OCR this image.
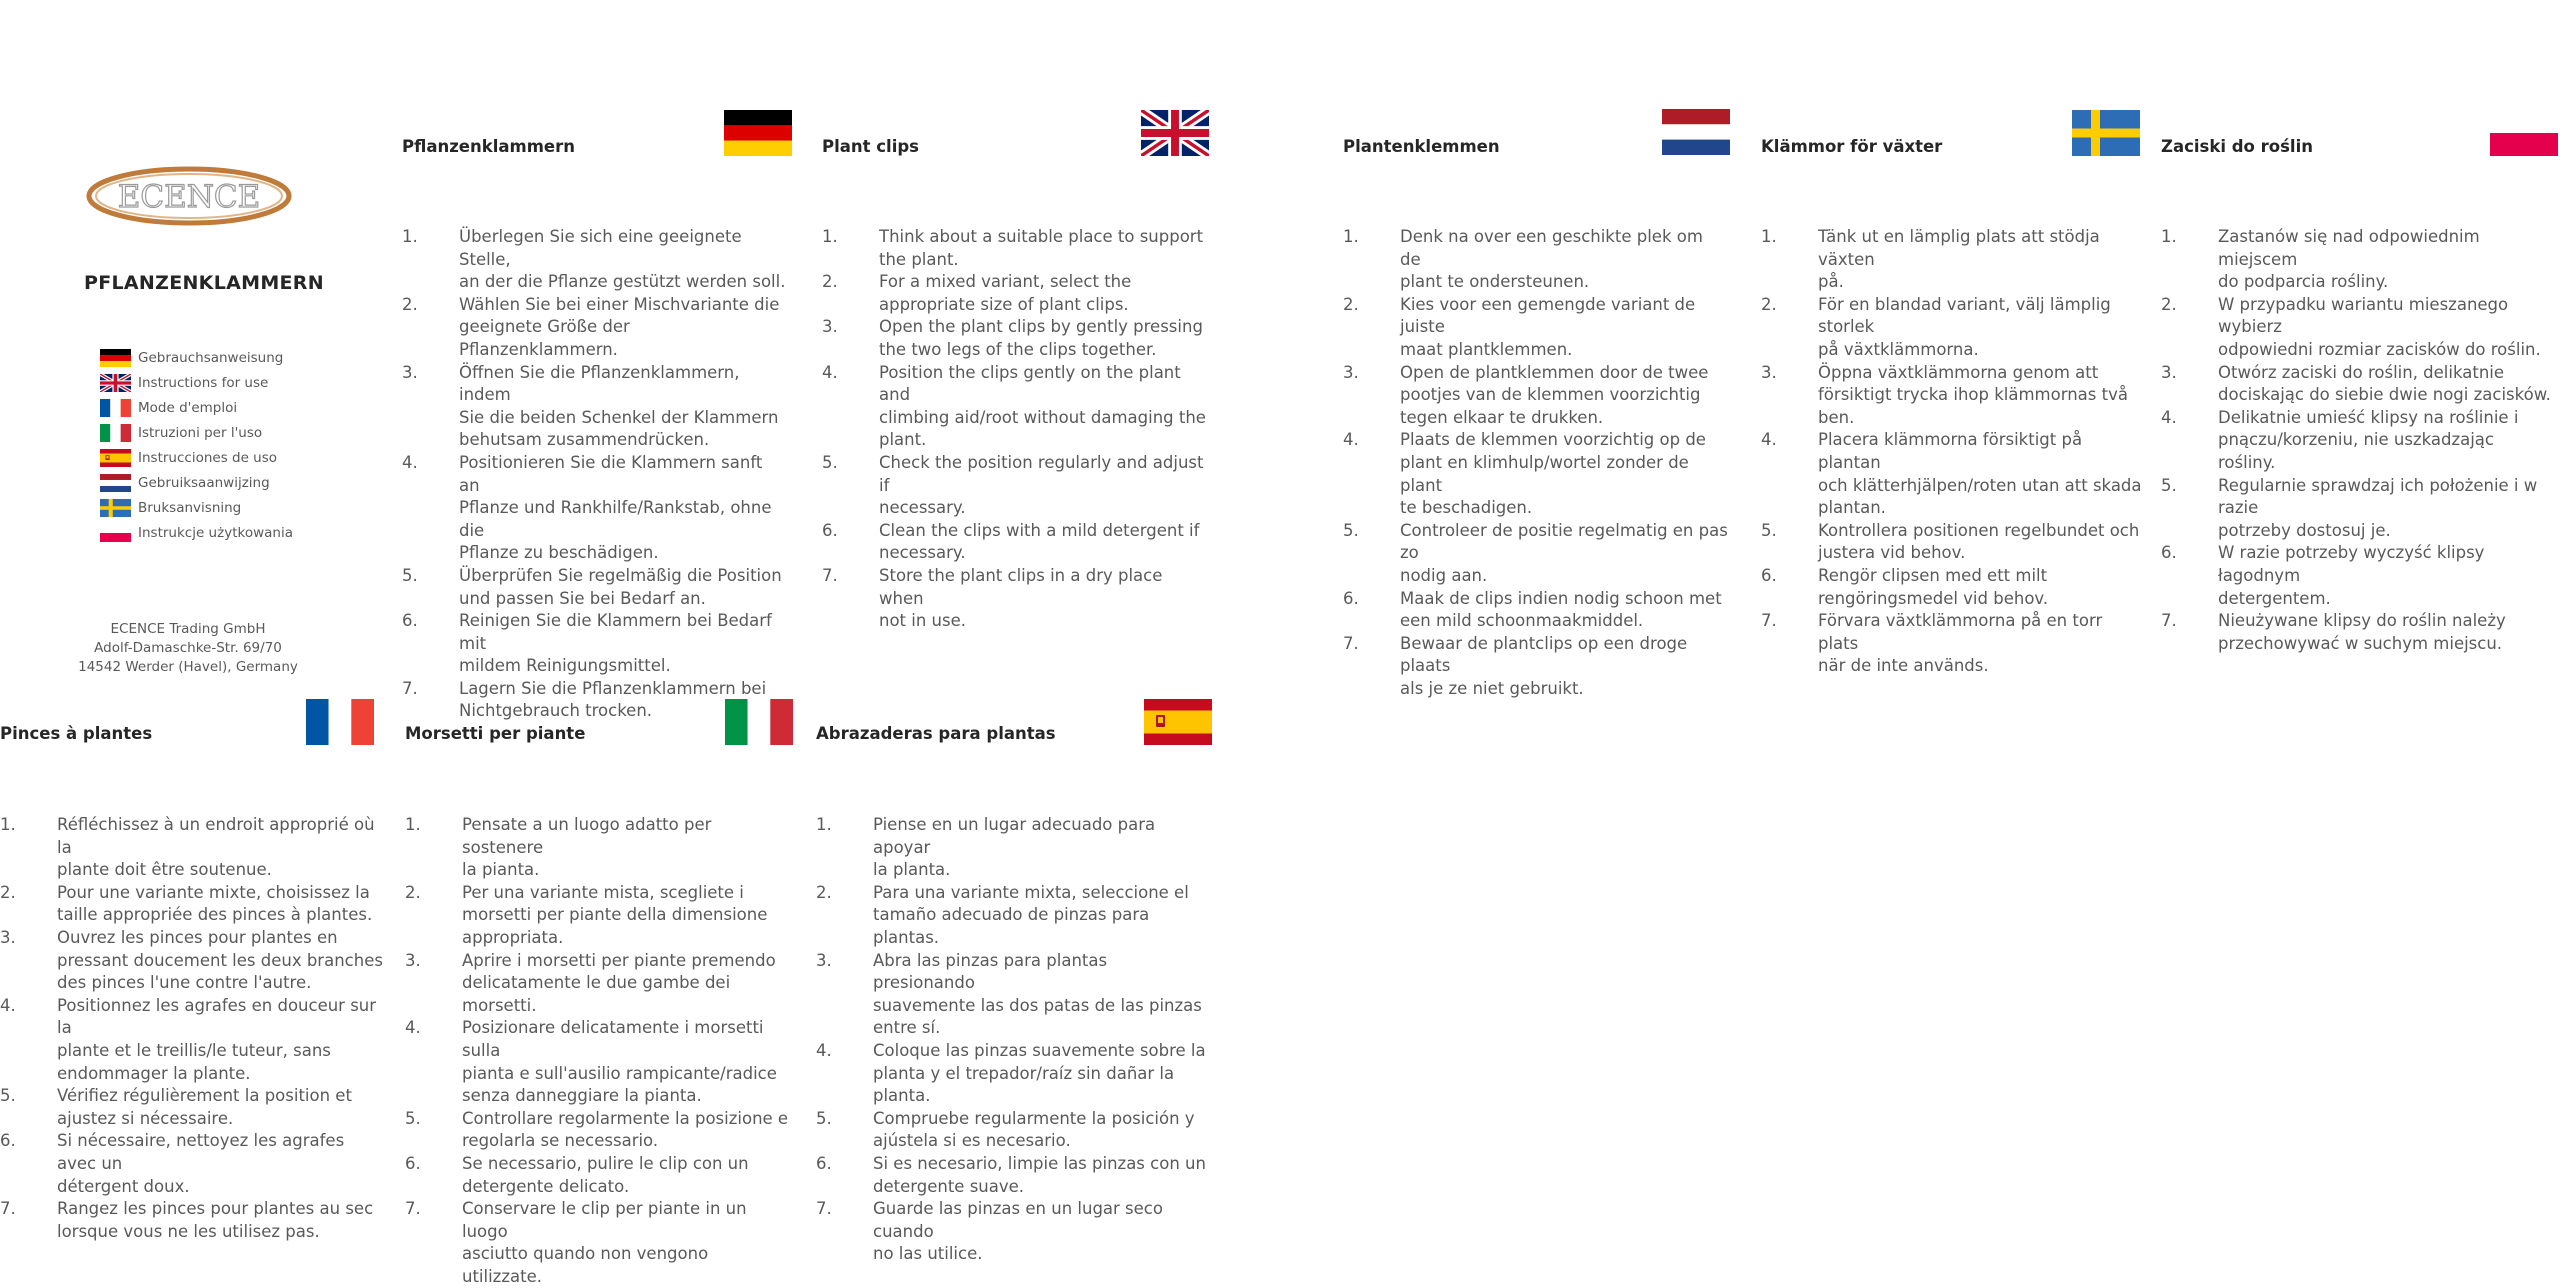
ECENCE
PFLANZENKLAMMERN
Gebrauchsanweisung
Instructions for use
Mode d'emploi
Istruzioni per l'uso
Instrucciones de uso
Gebruiksaanwijzing
Bruksanvisning
Instrukcje użytkowania
ECENCE Trading GmbH
Adolf-Damaschke-Str. 69/70
14542 Werder (Havel), Germany
Pflanzenklammern
1.	Überlegen Sie sich eine geeignete Stelle,
an der die Pflanze gestützt werden soll.
2.	Wählen Sie bei einer Mischvariante die
geeignete Größe der Pflanzenklammern.
3.	Öffnen Sie die Pflanzenklammern, indem
Sie die beiden Schenkel der Klammern
behutsam zusammendrücken.
4.	Positionieren Sie die Klammern sanft an
Pflanze und Rankhilfe/Rankstab, ohne die
Pflanze zu beschädigen.
5.	Überprüfen Sie regelmäßig die Position
und passen Sie bei Bedarf an.
6.	Reinigen Sie die Klammern bei Bedarf mit
mildem Reinigungsmittel.
7.	Lagern Sie die Pflanzenklammern bei
Nichtgebrauch trocken.
Plant clips
1.	Think about a suitable place to support
the plant.
2.	For a mixed variant, select the
appropriate size of plant clips.
3.	Open the plant clips by gently pressing
the two legs of the clips together.
4.	Position the clips gently on the plant and
climbing aid/root without damaging the
plant.
5.	Check the position regularly and adjust if
necessary.
6.	Clean the clips with a mild detergent if
necessary.
7.	Store the plant clips in a dry place when
not in use.
Plantenklemmen
1.	Denk na over een geschikte plek om de
plant te ondersteunen.
2.	Kies voor een gemengde variant de juiste
maat plantklemmen.
3.	Open de plantklemmen door de twee
pootjes van de klemmen voorzichtig
tegen elkaar te drukken.
4.	Plaats de klemmen voorzichtig op de
plant en klimhulp/wortel zonder de plant
te beschadigen.
5.	Controleer de positie regelmatig en pas zo
nodig aan.
6.	Maak de clips indien nodig schoon met
een mild schoonmaakmiddel.
7.	Bewaar de plantclips op een droge plaats
als je ze niet gebruikt.
Klämmor för växter
1.	Tänk ut en lämplig plats att stödja växten
på.
2.	För en blandad variant, välj lämplig storlek
på växtklämmorna.
3.	Öppna växtklämmorna genom att
försiktigt trycka ihop klämmornas två ben.
4.	Placera klämmorna försiktigt på plantan
och klätterhjälpen/roten utan att skada
plantan.
5.	Kontrollera positionen regelbundet och
justera vid behov.
6.	Rengör clipsen med ett milt
rengöringsmedel vid behov.
7.	Förvara växtklämmorna på en torr plats
när de inte används.
Zaciski do roślin
1.	Zastanów się nad odpowiednim miejscem
do podparcia rośliny.
2.	W przypadku wariantu mieszanego wybierz
odpowiedni rozmiar zacisków do roślin.
3.	Otwórz zaciski do roślin, delikatnie
dociskając do siebie dwie nogi zacisków.
4.	Delikatnie umieść klipsy na roślinie i
pnączu/korzeniu, nie uszkadzając rośliny.
5.	Regularnie sprawdzaj ich położenie i w razie
potrzeby dostosuj je.
6.	W razie potrzeby wyczyść klipsy łagodnym
detergentem.
7.	Nieużywane klipsy do roślin należy
przechowywać w suchym miejscu.
Pinces à plantes
1.	Réfléchissez à un endroit approprié où la
plante doit être soutenue.
2.	Pour une variante mixte, choisissez la
taille appropriée des pinces à plantes.
3.	Ouvrez les pinces pour plantes en
pressant doucement les deux branches
des pinces l'une contre l'autre.
4.	Positionnez les agrafes en douceur sur la
plante et le treillis/le tuteur, sans
endommager la plante.
5.	Vérifiez régulièrement la position et
ajustez si nécessaire.
6.	Si nécessaire, nettoyez les agrafes avec un
détergent doux.
7.	Rangez les pinces pour plantes au sec
lorsque vous ne les utilisez pas.
Morsetti per piante
1.	Pensate a un luogo adatto per sostenere
la pianta.
2.	Per una variante mista, scegliete i
morsetti per piante della dimensione
appropriata.
3.	Aprire i morsetti per piante premendo
delicatamente le due gambe dei morsetti.
4.	Posizionare delicatamente i morsetti sulla
pianta e sull'ausilio rampicante/radice
senza danneggiare la pianta.
5.	Controllare regolarmente la posizione e
regolarla se necessario.
6.	Se necessario, pulire le clip con un
detergente delicato.
7.	Conservare le clip per piante in un luogo
asciutto quando non vengono utilizzate.
Abrazaderas para plantas
1.	Piense en un lugar adecuado para apoyar
la planta.
2.	Para una variante mixta, seleccione el
tamaño adecuado de pinzas para plantas.
3.	Abra las pinzas para plantas presionando
suavemente las dos patas de las pinzas
entre sí.
4.	Coloque las pinzas suavemente sobre la
planta y el trepador/raíz sin dañar la
planta.
5.	Compruebe regularmente la posición y
ajústela si es necesario.
6.	Si es necesario, limpie las pinzas con un
detergente suave.
7.	Guarde las pinzas en un lugar seco cuando
no las utilice.
